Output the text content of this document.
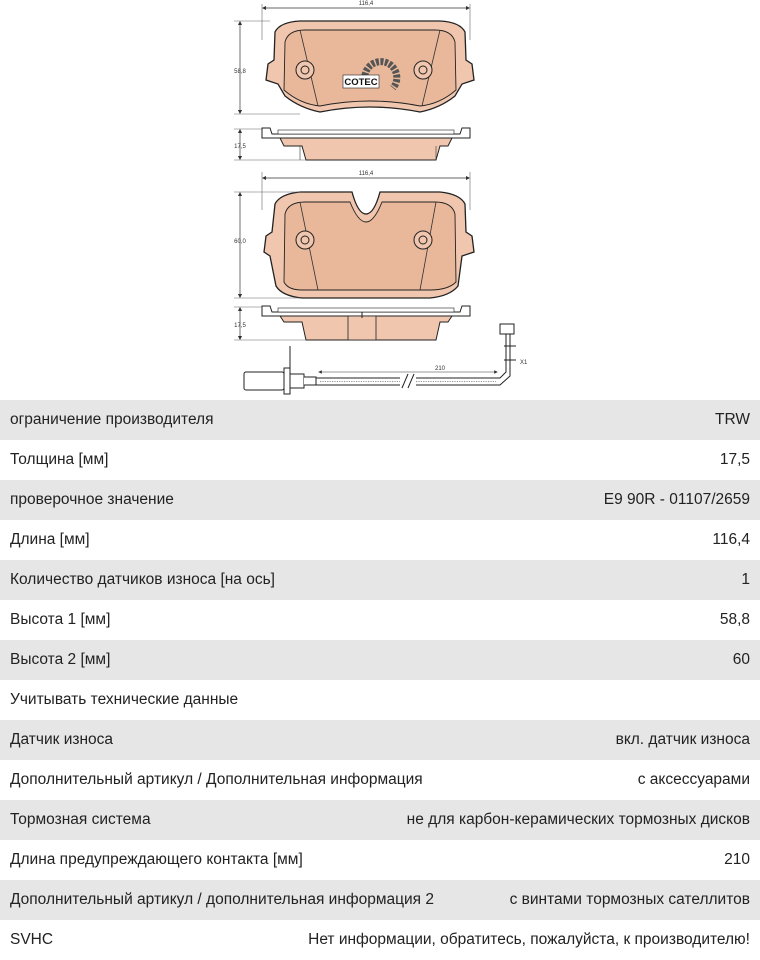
COTEC
116,4
58,8
17,5
116,4
60,0
17,5
210
X1
ограничение производителя	TRW
Толщина [мм]	17,5
проверочное значение	E9 90R - 01107/2659
Длина [мм]	116,4
Количество датчиков износа [на ось]	1
Высота 1 [мм]	58,8
Высота 2 [мм]	60
Учитывать технические данные
Датчик износа	вкл. датчик износа
Дополнительный артикул / Дополнительная информация	с аксессуарами
Тормозная система	не для карбон-керамических тормозных дисков
Длина предупреждающего контакта [мм]	210
Дополнительный артикул / дополнительная информация 2	с винтами тормозных сателлитов
SVHC	Нет информации, обратитесь, пожалуйста, к производителю!
